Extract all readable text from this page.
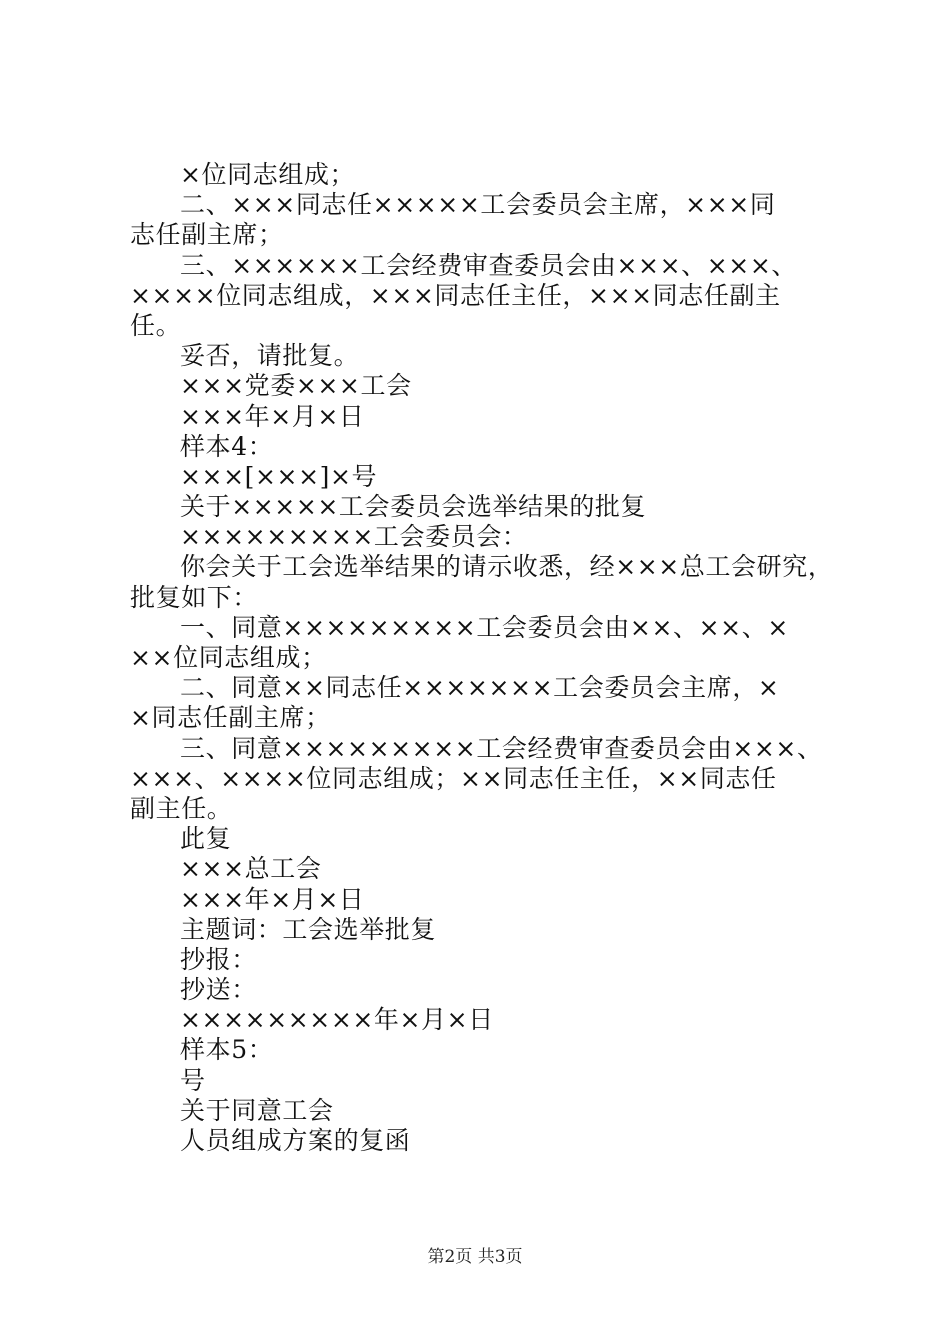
×位同志组成；
二、×××同志任×××××工会委员会主席，×××同
志任副主席；
三、××××××工会经费审查委员会由×××、×××、
××××位同志组成，×××同志任主任，×××同志任副主
任。
妥否，请批复。
×××党委×××工会
×××年×月×日
样本4：
×××[×××]×号
关于×××××工会委员会选举结果的批复
×××××××××工会委员会：
你会关于工会选举结果的请示收悉，经×××总工会研究，
批复如下：
一、同意×××××××××工会委员会由××、××、×
××位同志组成；
二、同意××同志任×××××××工会委员会主席，×
×同志任副主席；
三、同意×××××××××工会经费审查委员会由×××、
×××、××××位同志组成；××同志任主任，××同志任
副主任。
此复
×××总工会
×××年×月×日
主题词：工会选举批复
抄报：
抄送：
×××××××××年×月×日
样本5：
号
关于同意工会
人员组成方案的复函
第2页 共3页
